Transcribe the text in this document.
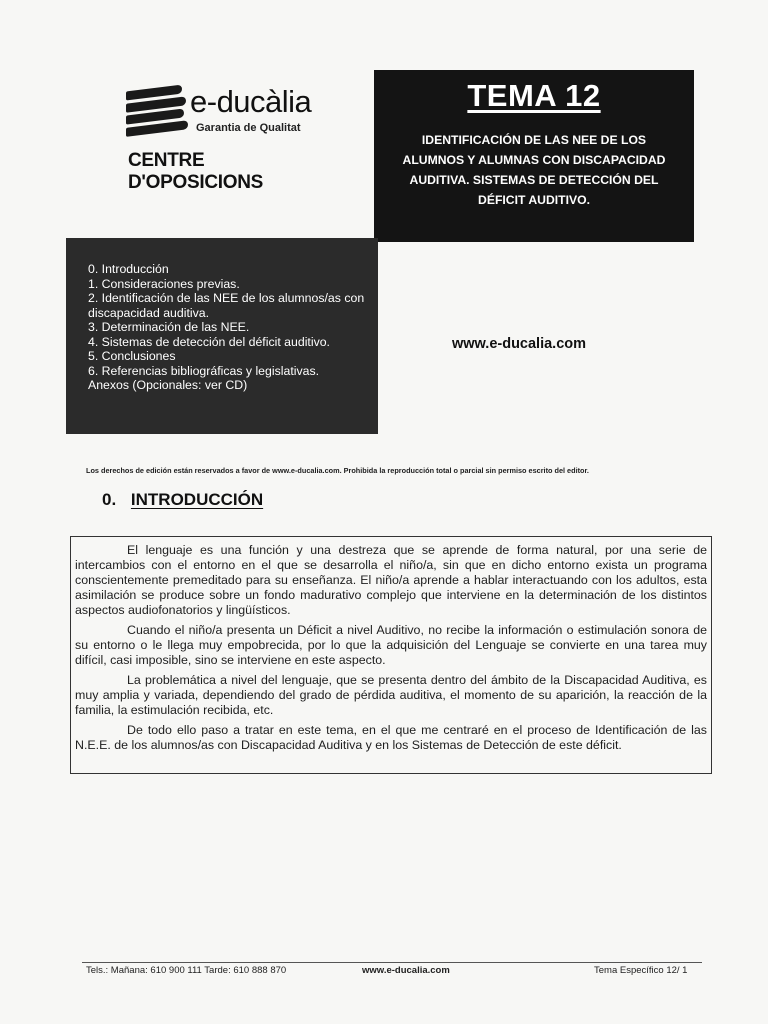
e-ducàlia
Garantia de Qualitat
CENTRE D'OPOSICIONS
TEMA 12
IDENTIFICACIÓN DE LAS NEE DE LOS ALUMNOS Y ALUMNAS CON DISCAPACIDAD AUDITIVA. SISTEMAS DE DETECCIÓN DEL DÉFICIT AUDITIVO.
0. Introducción
1. Consideraciones previas.
2. Identificación de las NEE de los alumnos/as con discapacidad auditiva.
3. Determinación de las NEE.
4. Sistemas de detección del déficit auditivo.
5. Conclusiones
6. Referencias bibliográficas y legislativas.
Anexos (Opcionales: ver CD)
www.e-ducalia.com
Los derechos de edición están reservados a favor de www.e-ducalia.com. Prohibida la reproducción total o parcial sin permiso escrito del editor.
0. INTRODUCCIÓN

El lenguaje es una función y una destreza que se aprende de forma natural, por una serie de intercambios con el entorno en el que se desarrolla el niño/a, sin que en dicho entorno exista un programa conscientemente premeditado para su enseñanza. El niño/a aprende a hablar interactuando con los adultos, esta asimilación se produce sobre un fondo madurativo complejo que interviene en la determinación de los distintos aspectos audiofonatorios y lingüísticos.

Cuando el niño/a presenta un Déficit a nivel Auditivo, no recibe la información o estimulación sonora de su entorno o le llega muy empobrecida, por lo que la adquisición del Lenguaje se convierte en una tarea muy difícil, casi imposible, sino se interviene en este aspecto.

La problemática a nivel del lenguaje, que se presenta dentro del ámbito de la Discapacidad Auditiva, es muy amplia y variada, dependiendo del grado de pérdida auditiva, el momento de su aparición, la reacción de la familia, la estimulación recibida, etc.

De todo ello paso a tratar en este tema, en el que me centraré en el proceso de Identificación de las N.E.E. de los alumnos/as con Discapacidad Auditiva y en los Sistemas de Detección de este déficit.

Tels.: Mañana: 610 900 111 Tarde: 610 888 870	www.e-ducalia.com	Tema Específico 12/ 1
